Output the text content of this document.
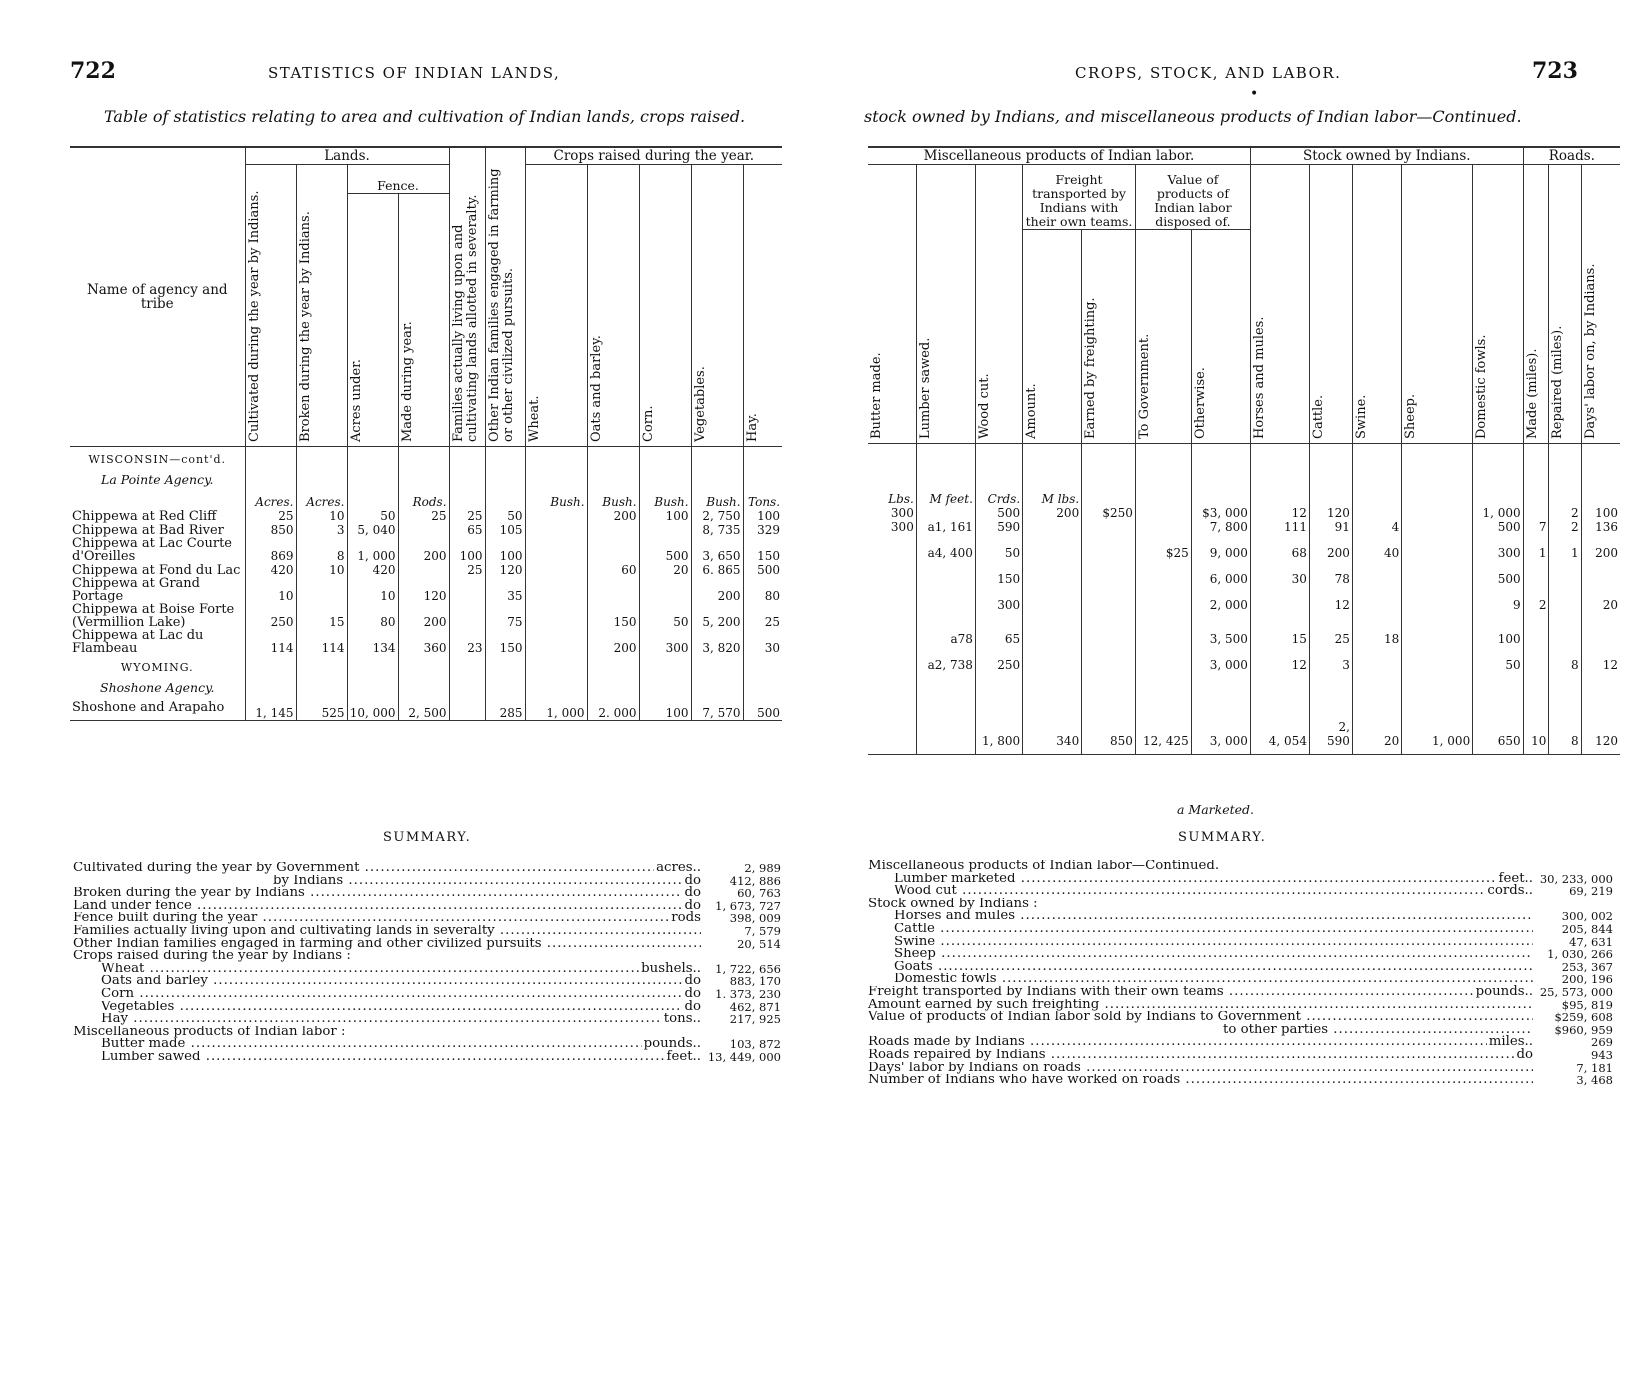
722	STATISTICS OF INDIAN LANDS,
Table of statistics relating to area and cultivation of Indian lands, crops raised.
Name of agency and tribe	Lands.				Families actually living upon and cultivating lands allotted in severalty.	Other Indian families engaged in farming or other civilized pursuits.	Crops raised during the year.				

	Cultivated during the year by Indians.	Broken during the year by Indians.	Fence.				Wheat.	Oats and barley.	Corn.	Vegetables.	Hay.

			Acres under.	Made during year.							

WISCONSIN—cont'd.											
La Pointe Agency.											
	Acres.	Acres.		Rods.			Bush.	Bush.	Bush.	Bush.	Tons.
Chippewa at Red Cliff	25	10	50	25	25	50		200	100	2, 750	100
Chippewa at Bad River	850	3	5, 040		65	105				8, 735	329
Chippewa at Lac Courte d'Oreilles	869	8	1, 000	200	100	100			500	3, 650	150
Chippewa at Fond du Lac	420	10	420		25	120		60	20	6. 865	500
Chippewa at Grand Portage	10		10	120		35				200	80
Chippewa at Boise Forte (Vermillion Lake)	250	15	80	200		75		150	50	5, 200	25
Chippewa at Lac du Flambeau	114	114	134	360	23	150		200	300	3, 820	30
WYOMING.											
Shoshone Agency.											
Shoshone and Arapaho	1, 145	525	10, 000	2, 500		285	1, 000	2. 000	100	7, 570	500
SUMMARY.
Cultivated during the year by Government .....	acres..	2, 989
by Indians .....	do	412, 886
Broken during the year by Indians .....	do	60, 763
Land under fence .....	do	1, 673, 727
Fence built during the year .....	rods	398, 009
Families actually living upon and cultivating lands in severalty .....	7, 579
Other Indian families engaged in farming and other civilized pursuits .....	20, 514
Crops raised during the year by Indians :
Wheat .....	bushels..	1, 722, 656
Oats and barley .....	do	883, 170
Corn .....	do	1. 373, 230
Vegetables .....	do	462, 871
Hay .....	tons..	217, 925
Miscellaneous products of Indian labor :
Butter made .....	pounds..	103, 872
Lumber sawed .....	feet.. 13, 449, 000
CROPS, STOCK, AND LABOR.	723
•
stock owned by Indians, and miscellaneous products of Indian labor—Continued.
Miscellaneous products of Indian labor.							Stock owned by Indians.					Roads.		

Butter made.	Lumber sawed.	Wood cut.	Freight transported by Indians with their own teams.		Value of products of Indian labor disposed of.		Horses and mules.	Cattle.	Swine.	Sheep.	Domestic fowls.	Made (miles).	Repaired (miles).	Days' labor on, by Indians.

			Amount.	Earned by freighting.	To Government.	Otherwise.								

Lbs.	M feet.	Crds.	M lbs.											
300		500	200	$250		$3, 000	12	120			1, 000		2	100
300	a1, 161	590				7, 800	111	91	4		500	7	2	136
	a4, 400	50			$25	9, 000	68	200	40		300	1	1	200
		150				6, 000	30	78			500			
		300				2, 000		12			9	2		20
	a78	65				3, 500	15	25	18		100			
	a2, 738	250				3, 000	12	3			50		8	12

		1, 800	340	850	12, 425	3, 000	4, 054	2, 590	20	1, 000	650	10	8	120
a Marketed.
SUMMARY.
Miscellaneous products of Indian labor—Continued.
Lumber marketed .....	feet.. 30, 233, 000
Wood cut .....	cords..	69, 219
Stock owned by Indians :
Horses and mules .....	300, 002
Cattle .....	205, 844
Swine .....	47, 631
Sheep .....	1, 030, 266
Goats .....	253, 367
Domestic fowls .....	200, 196
Freight transported by Indians with their own teams .....	pounds.. 25, 573, 000
Amount earned by such freighting .....	$95, 819
Value of products of Indian labor sold by Indians to Government .....	$259, 608
to other parties .....	$960, 959
Roads made by Indians .....	miles..	269
Roads repaired by Indians .....	do	943
Days' labor by Indians on roads .....	7, 181
Number of Indians who have worked on roads .....	3, 468
